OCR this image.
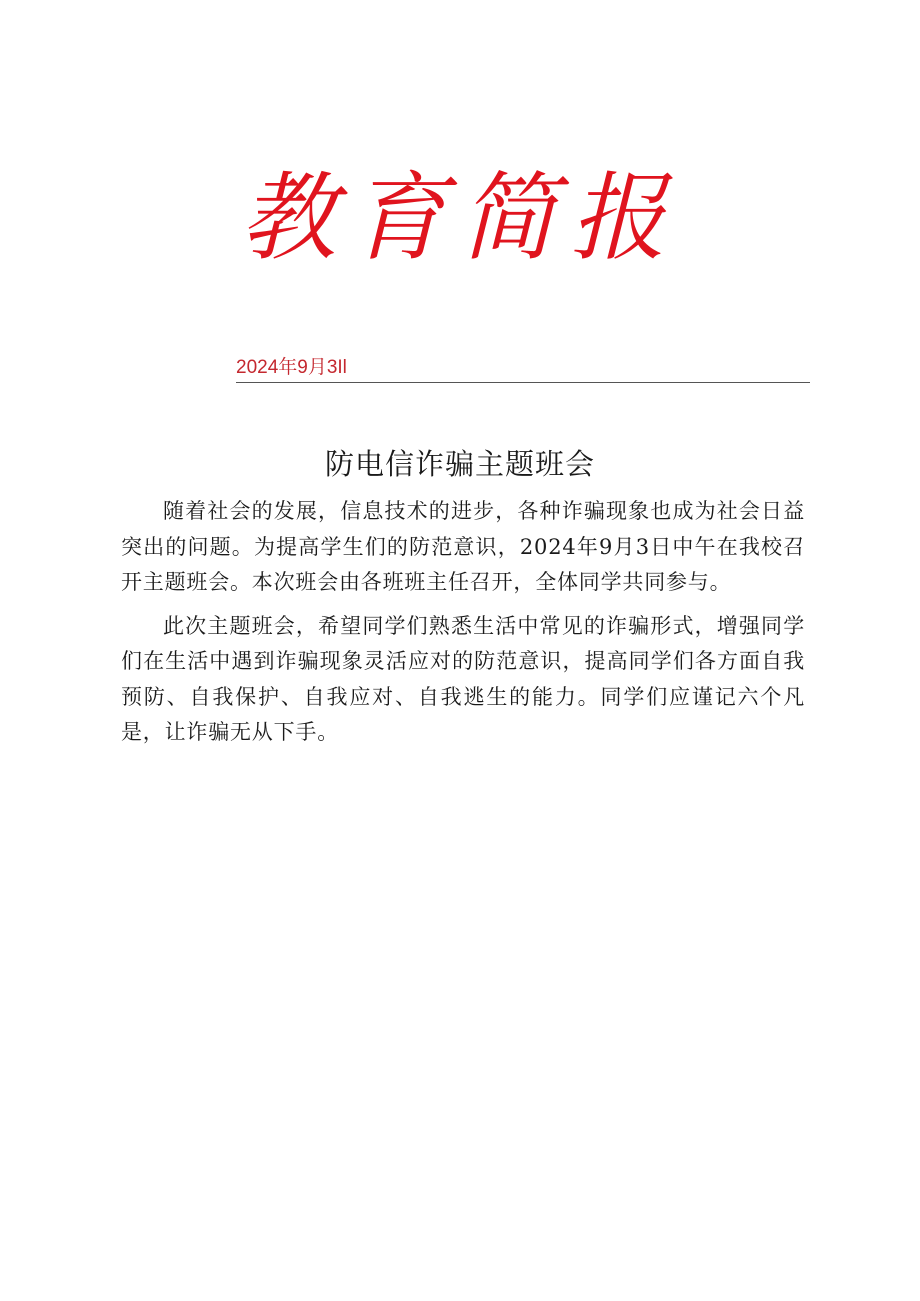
教育简报
2024年9月3Il
防电信诈骗主题班会

随着社会的发展，信息技术的进步，各种诈骗现象也成为社会日益突出的问题。为提高学生们的防范意识，2024年9月3日中午在我校召开主题班会。本次班会由各班班主任召开，全体同学共同参与。

此次主题班会，希望同学们熟悉生活中常见的诈骗形式，增强同学们在生活中遇到诈骗现象灵活应对的防范意识，提高同学们各方面自我预防、自我保护、自我应对、自我逃生的能力。同学们应谨记六个凡是，让诈骗无从下手。
